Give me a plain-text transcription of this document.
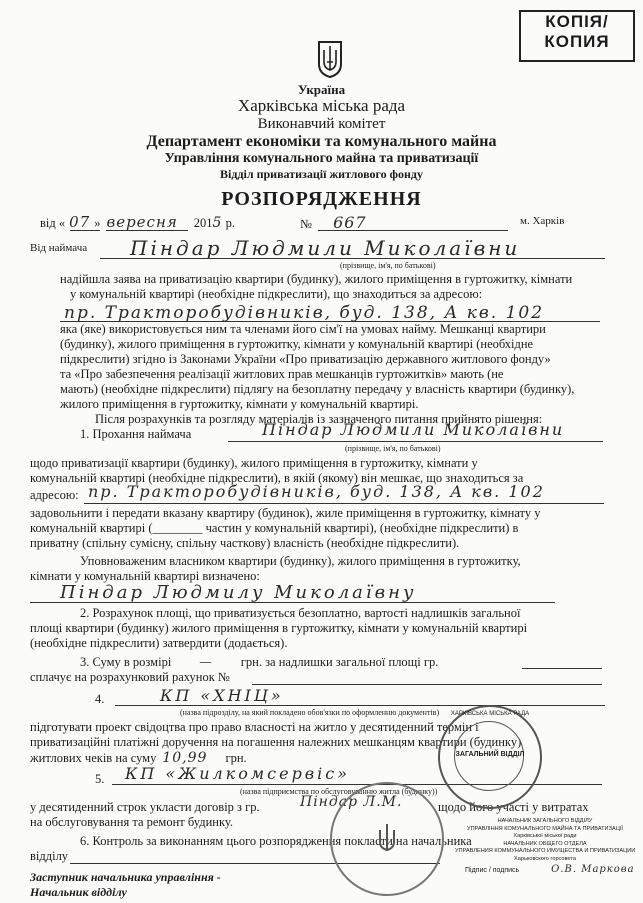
КОПІЯ/
КОПИЯ
Україна
Харківська міська рада
Виконавчий комітет
Департамент економіки та комунального майна
Управління комунального майна та приватизації
Відділ приватизації житлового фонду
РОЗПОРЯДЖЕННЯ
від « 07 » вересня 2015 р.	№ 667	м. Харків
Від наймача Піндар Людмили Миколаївни
(прізвище, ім'я, по батькові)
надійшла заява на приватизацію квартири (будинку), жилого приміщення в гуртожитку, кімнати
у комунальній квартирі (необхідне підкреслити), що знаходиться за адресою:
пр. Тракторобудівників, буд. 138, А кв. 102
яка (яке) використовується ним та членами його сім'ї на умовах найму. Мешканці квартири
(будинку), жилого приміщення в гуртожитку, кімнати у комунальній квартирі (необхідне
підкреслити) згідно із Законами України «Про приватизацію державного житлового фонду»
та «Про забезпечення реалізації житлових прав мешканців гуртожитків» мають (не
мають) (необхідне підкреслити) підлягу на безоплатну передачу у власність квартири (будинку),
жилого приміщення в гуртожитку, кімнати у комунальній квартирі.
Після розрахунків та розгляду матеріалів із зазначеного питання прийнято рішення:
1. Прохання наймача	Піндар Людмили Миколаївни
(прізвище, ім'я, по батькові)
щодо приватизації квартири (будинку), жилого приміщення в гуртожитку, кімнати у
комунальній квартирі (необхідне підкреслити), в якій (якому) він мешкає, що знаходиться за
адресою: пр. Тракторобудівників, буд. 138, А кв. 102
задовольнити і передати вказану квартиру (будинок), жиле приміщення в гуртожитку, кімнату у
комунальній квартирі (________ частин у комунальній квартирі), (необхідне підкреслити) в
приватну (спільну сумісну, спільну часткову) власність (необхідне підкреслити).
Уповноваженим власником квартири (будинку), жилого приміщення в гуртожитку,
кімнати у комунальній квартирі визначено:
Піндар Людмилу Миколаївну
2. Розрахунок площі, що приватизується безоплатно, вартості надлишків загальної
площі квартири (будинку) жилого приміщення в гуртожитку, кімнати у комунальній квартирі
(необхідне підкреслити) затвердити (додається).
3. Суму в розмірі — грн. за надлишки загальної площі гр.
сплачує на розрахунковий рахунок №
4.	КП «ХНІЦ»
(назва підрозділу, на який покладено обов'язки по оформленню документів)
підготувати проект свідоцтва про право власності на житло у десятиденний термін і
приватизаційні платіжні доручення на погашення належних мешканцям квартири (будинку)
житлових чеків на суму 10,99 грн.
5. КП «Жилкомсервіс»
(назва підприємства по обслуговуванню житла (будинку))
у десятиденний строк укласти договір з гр.	Піндар Л.М.	щодо його участі у витратах
на обслуговування та ремонт будинку.
6. Контроль за виконанням цього розпорядження покласти на начальника
відділу
Заступник начальника управління -
Начальник відділу
ХАРКІВСЬКА МІСЬКА РАДА
ЗАГАЛЬНИЙ ВІДДІЛ
НАЧАЛЬНИК ЗАГАЛЬНОГО ВІДДІЛУ
УПРАВЛІННЯ КОМУНАЛЬНОГО МАЙНА ТА ПРИВАТИЗАЦІЇ
Харківської міської ради
НАЧАЛЬНИК ОБЩЕГО ОТДЕЛА
УПРАВЛЕНИЯ КОММУНАЛЬНОГО ИМУЩЕСТВА И ПРИВАТИЗАЦИИ
Харьковского горсовета
Підпис / подпись	О.В. Маркова
